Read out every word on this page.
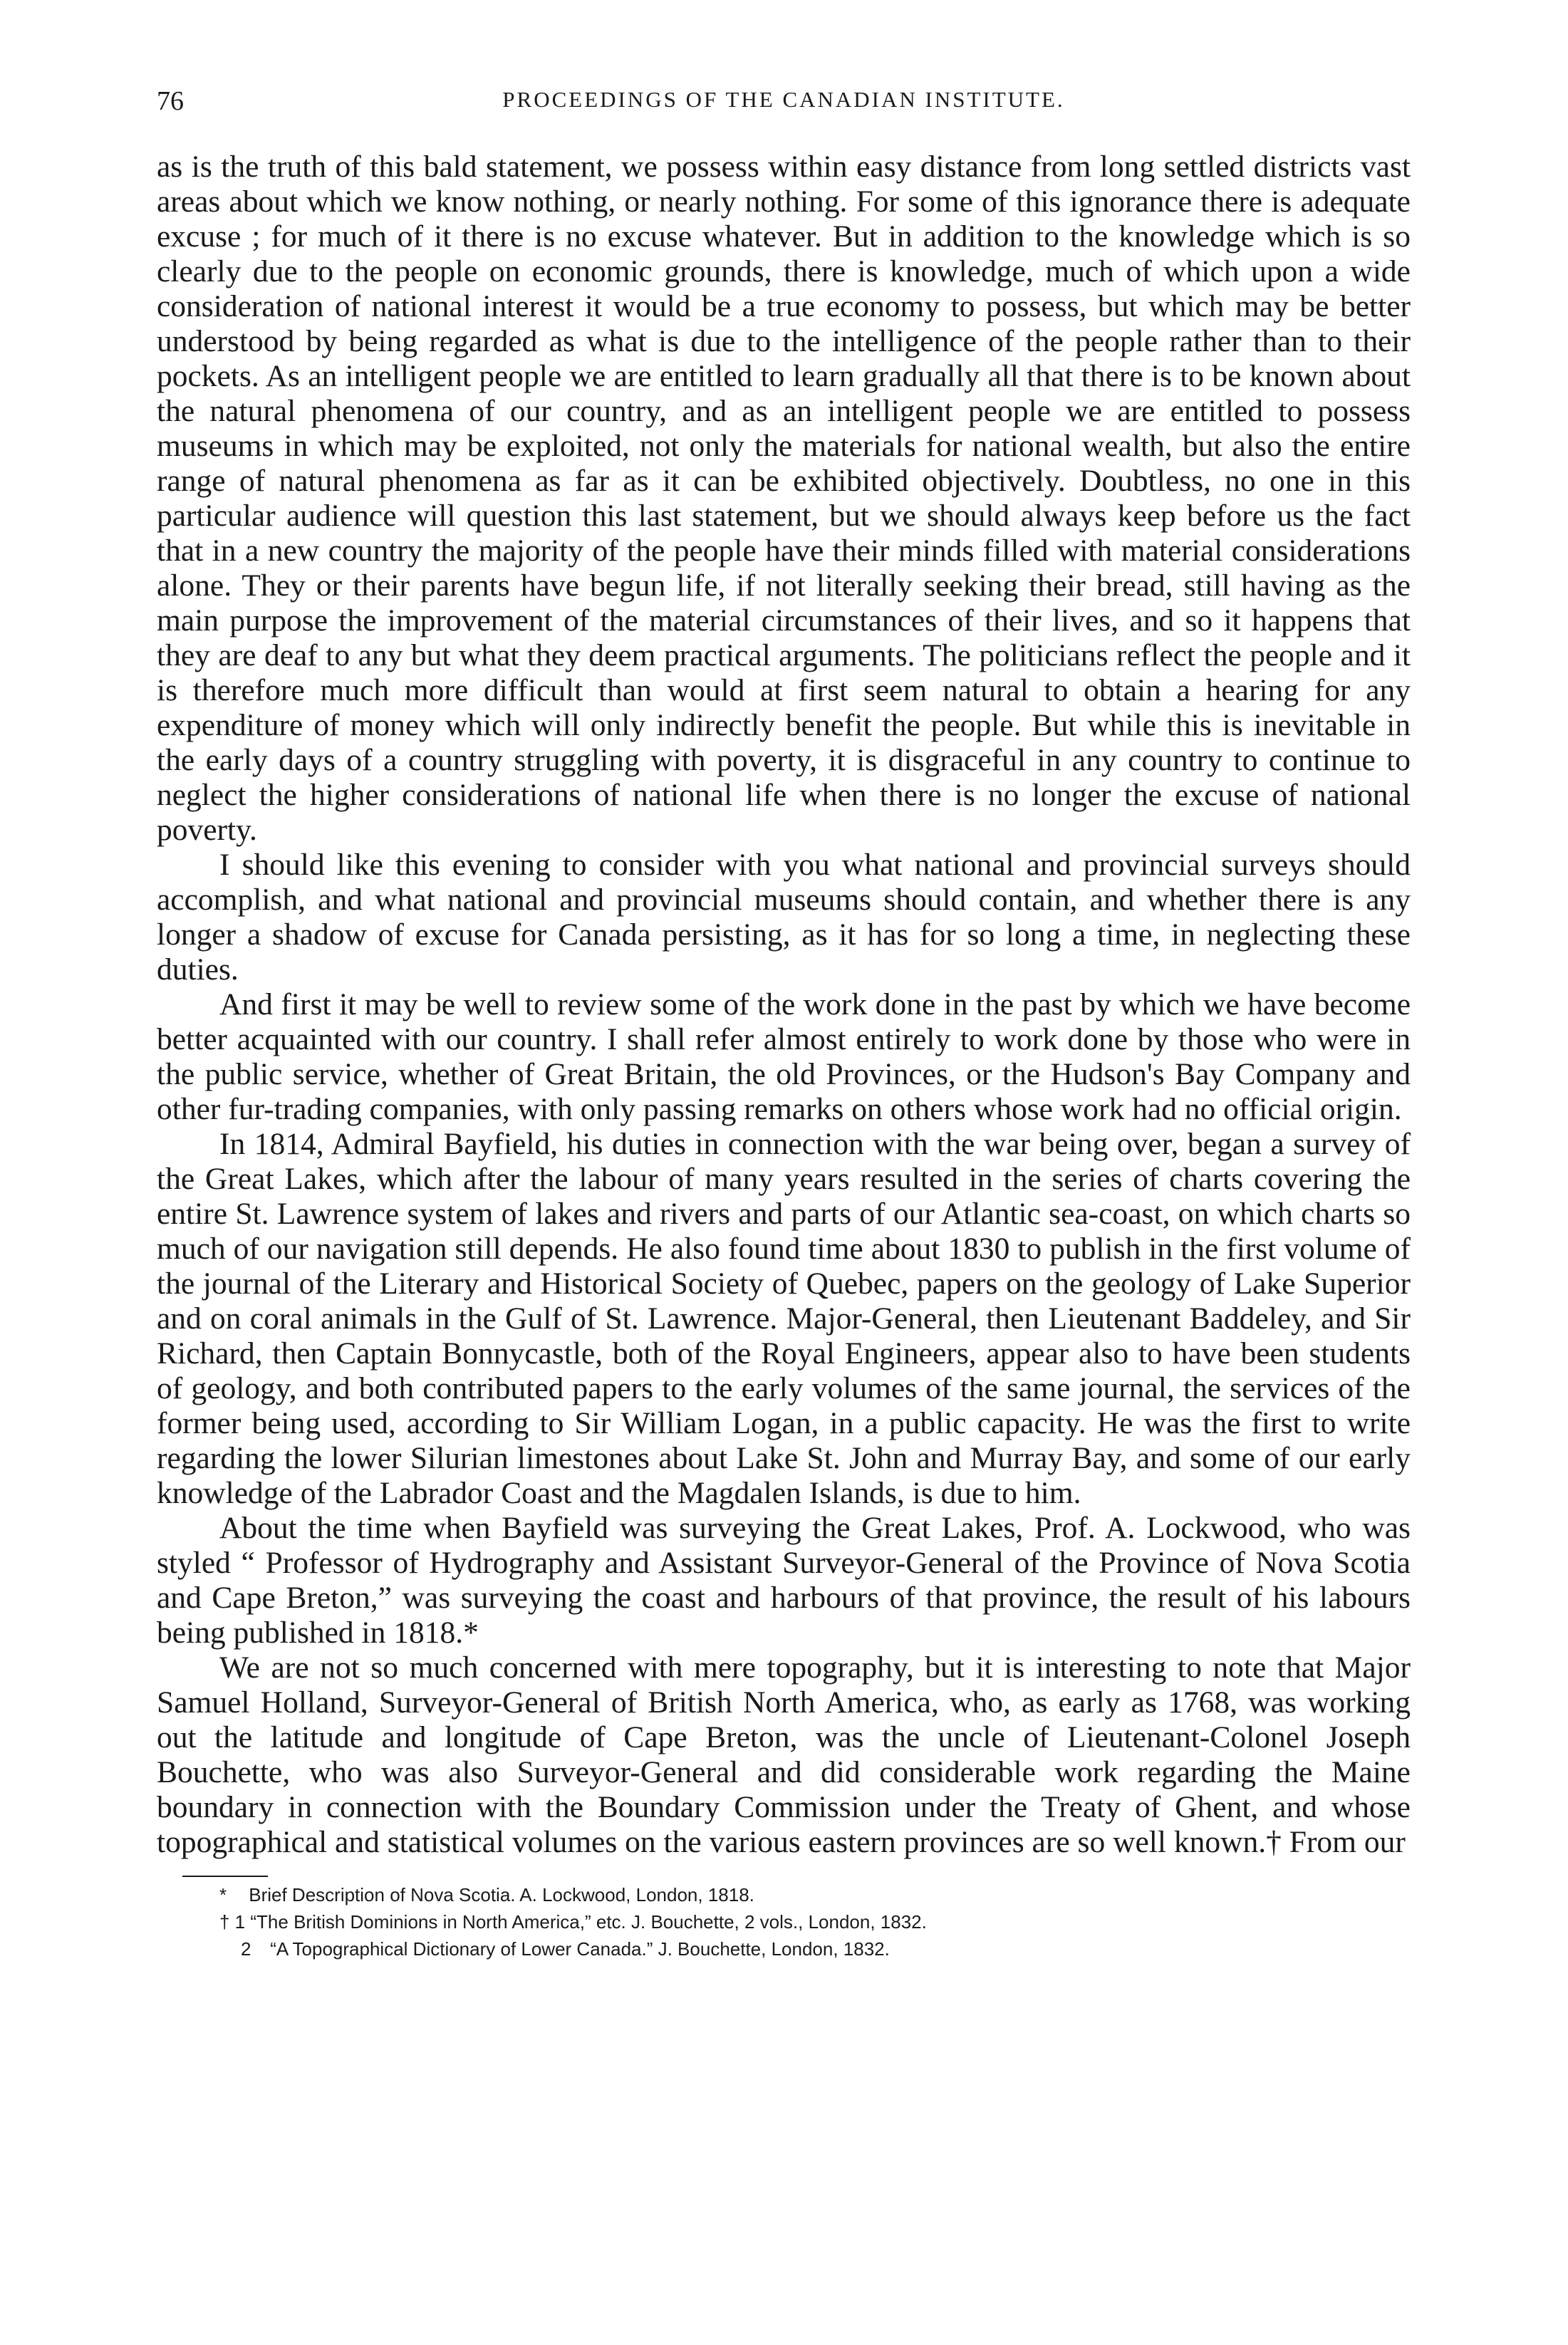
76	PROCEEDINGS OF THE CANADIAN INSTITUTE.

as is the truth of this bald statement, we possess within easy distance from long settled districts vast areas about which we know nothing, or nearly nothing. For some of this ignorance there is adequate excuse ; for much of it there is no excuse whatever. But in addition to the knowledge which is so clearly due to the people on economic grounds, there is knowledge, much of which upon a wide consideration of national interest it would be a true economy to possess, but which may be better understood by being regarded as what is due to the intelligence of the people rather than to their pockets. As an intelligent people we are entitled to learn gradually all that there is to be known about the natural phenomena of our country, and as an intelligent people we are entitled to possess museums in which may be exploited, not only the materials for national wealth, but also the entire range of natural phenomena as far as it can be exhibited objectively. Doubtless, no one in this particular audience will question this last statement, but we should always keep before us the fact that in a new country the majority of the people have their minds filled with material considerations alone. They or their parents have begun life, if not literally seeking their bread, still having as the main purpose the improvement of the material circumstances of their lives, and so it happens that they are deaf to any but what they deem practical arguments. The politicians reflect the people and it is therefore much more difficult than would at first seem natural to obtain a hearing for any expenditure of money which will only indirectly benefit the people. But while this is inevitable in the early days of a country struggling with poverty, it is disgraceful in any country to continue to neglect the higher considerations of national life when there is no longer the excuse of national poverty.

I should like this evening to consider with you what national and provincial surveys should accomplish, and what national and provincial museums should contain, and whether there is any longer a shadow of excuse for Canada persisting, as it has for so long a time, in neglecting these duties.

And first it may be well to review some of the work done in the past by which we have become better acquainted with our country. I shall refer almost entirely to work done by those who were in the public service, whether of Great Britain, the old Provinces, or the Hudson's Bay Company and other fur-trading companies, with only passing remarks on others whose work had no official origin.

In 1814, Admiral Bayfield, his duties in connection with the war being over, began a survey of the Great Lakes, which after the labour of many years resulted in the series of charts covering the entire St. Lawrence system of lakes and rivers and parts of our Atlantic sea-coast, on which charts so much of our navigation still depends. He also found time about 1830 to publish in the first volume of the journal of the Literary and Historical Society of Quebec, papers on the geology of Lake Superior and on coral animals in the Gulf of St. Lawrence. Major-General, then Lieutenant Baddeley, and Sir Richard, then Captain Bonnycastle, both of the Royal Engineers, appear also to have been students of geology, and both contributed papers to the early volumes of the same journal, the services of the former being used, according to Sir William Logan, in a public capacity. He was the first to write regarding the lower Silurian limestones about Lake St. John and Murray Bay, and some of our early knowledge of the Labrador Coast and the Magdalen Islands, is due to him.

About the time when Bayfield was surveying the Great Lakes, Prof. A. Lockwood, who was styled “ Professor of Hydrography and Assistant Surveyor-General of the Province of Nova Scotia and Cape Breton,” was surveying the coast and harbours of that province, the result of his labours being published in 1818.*

We are not so much concerned with mere topography, but it is interesting to note that Major Samuel Holland, Surveyor-General of British North America, who, as early as 1768, was working out the latitude and longitude of Cape Breton, was the uncle of Lieutenant-Colonel Joseph Bouchette, who was also Surveyor-General and did considerable work regarding the Maine boundary in connection with the Boundary Commission under the Treaty of Ghent, and whose topographical and statistical volumes on the various eastern provinces are so well known.† From our

* Brief Description of Nova Scotia. A. Lockwood, London, 1818.

† 1 “The British Dominions in North America,” etc. J. Bouchette, 2 vols., London, 1832.

2 “A Topographical Dictionary of Lower Canada.” J. Bouchette, London, 1832.
